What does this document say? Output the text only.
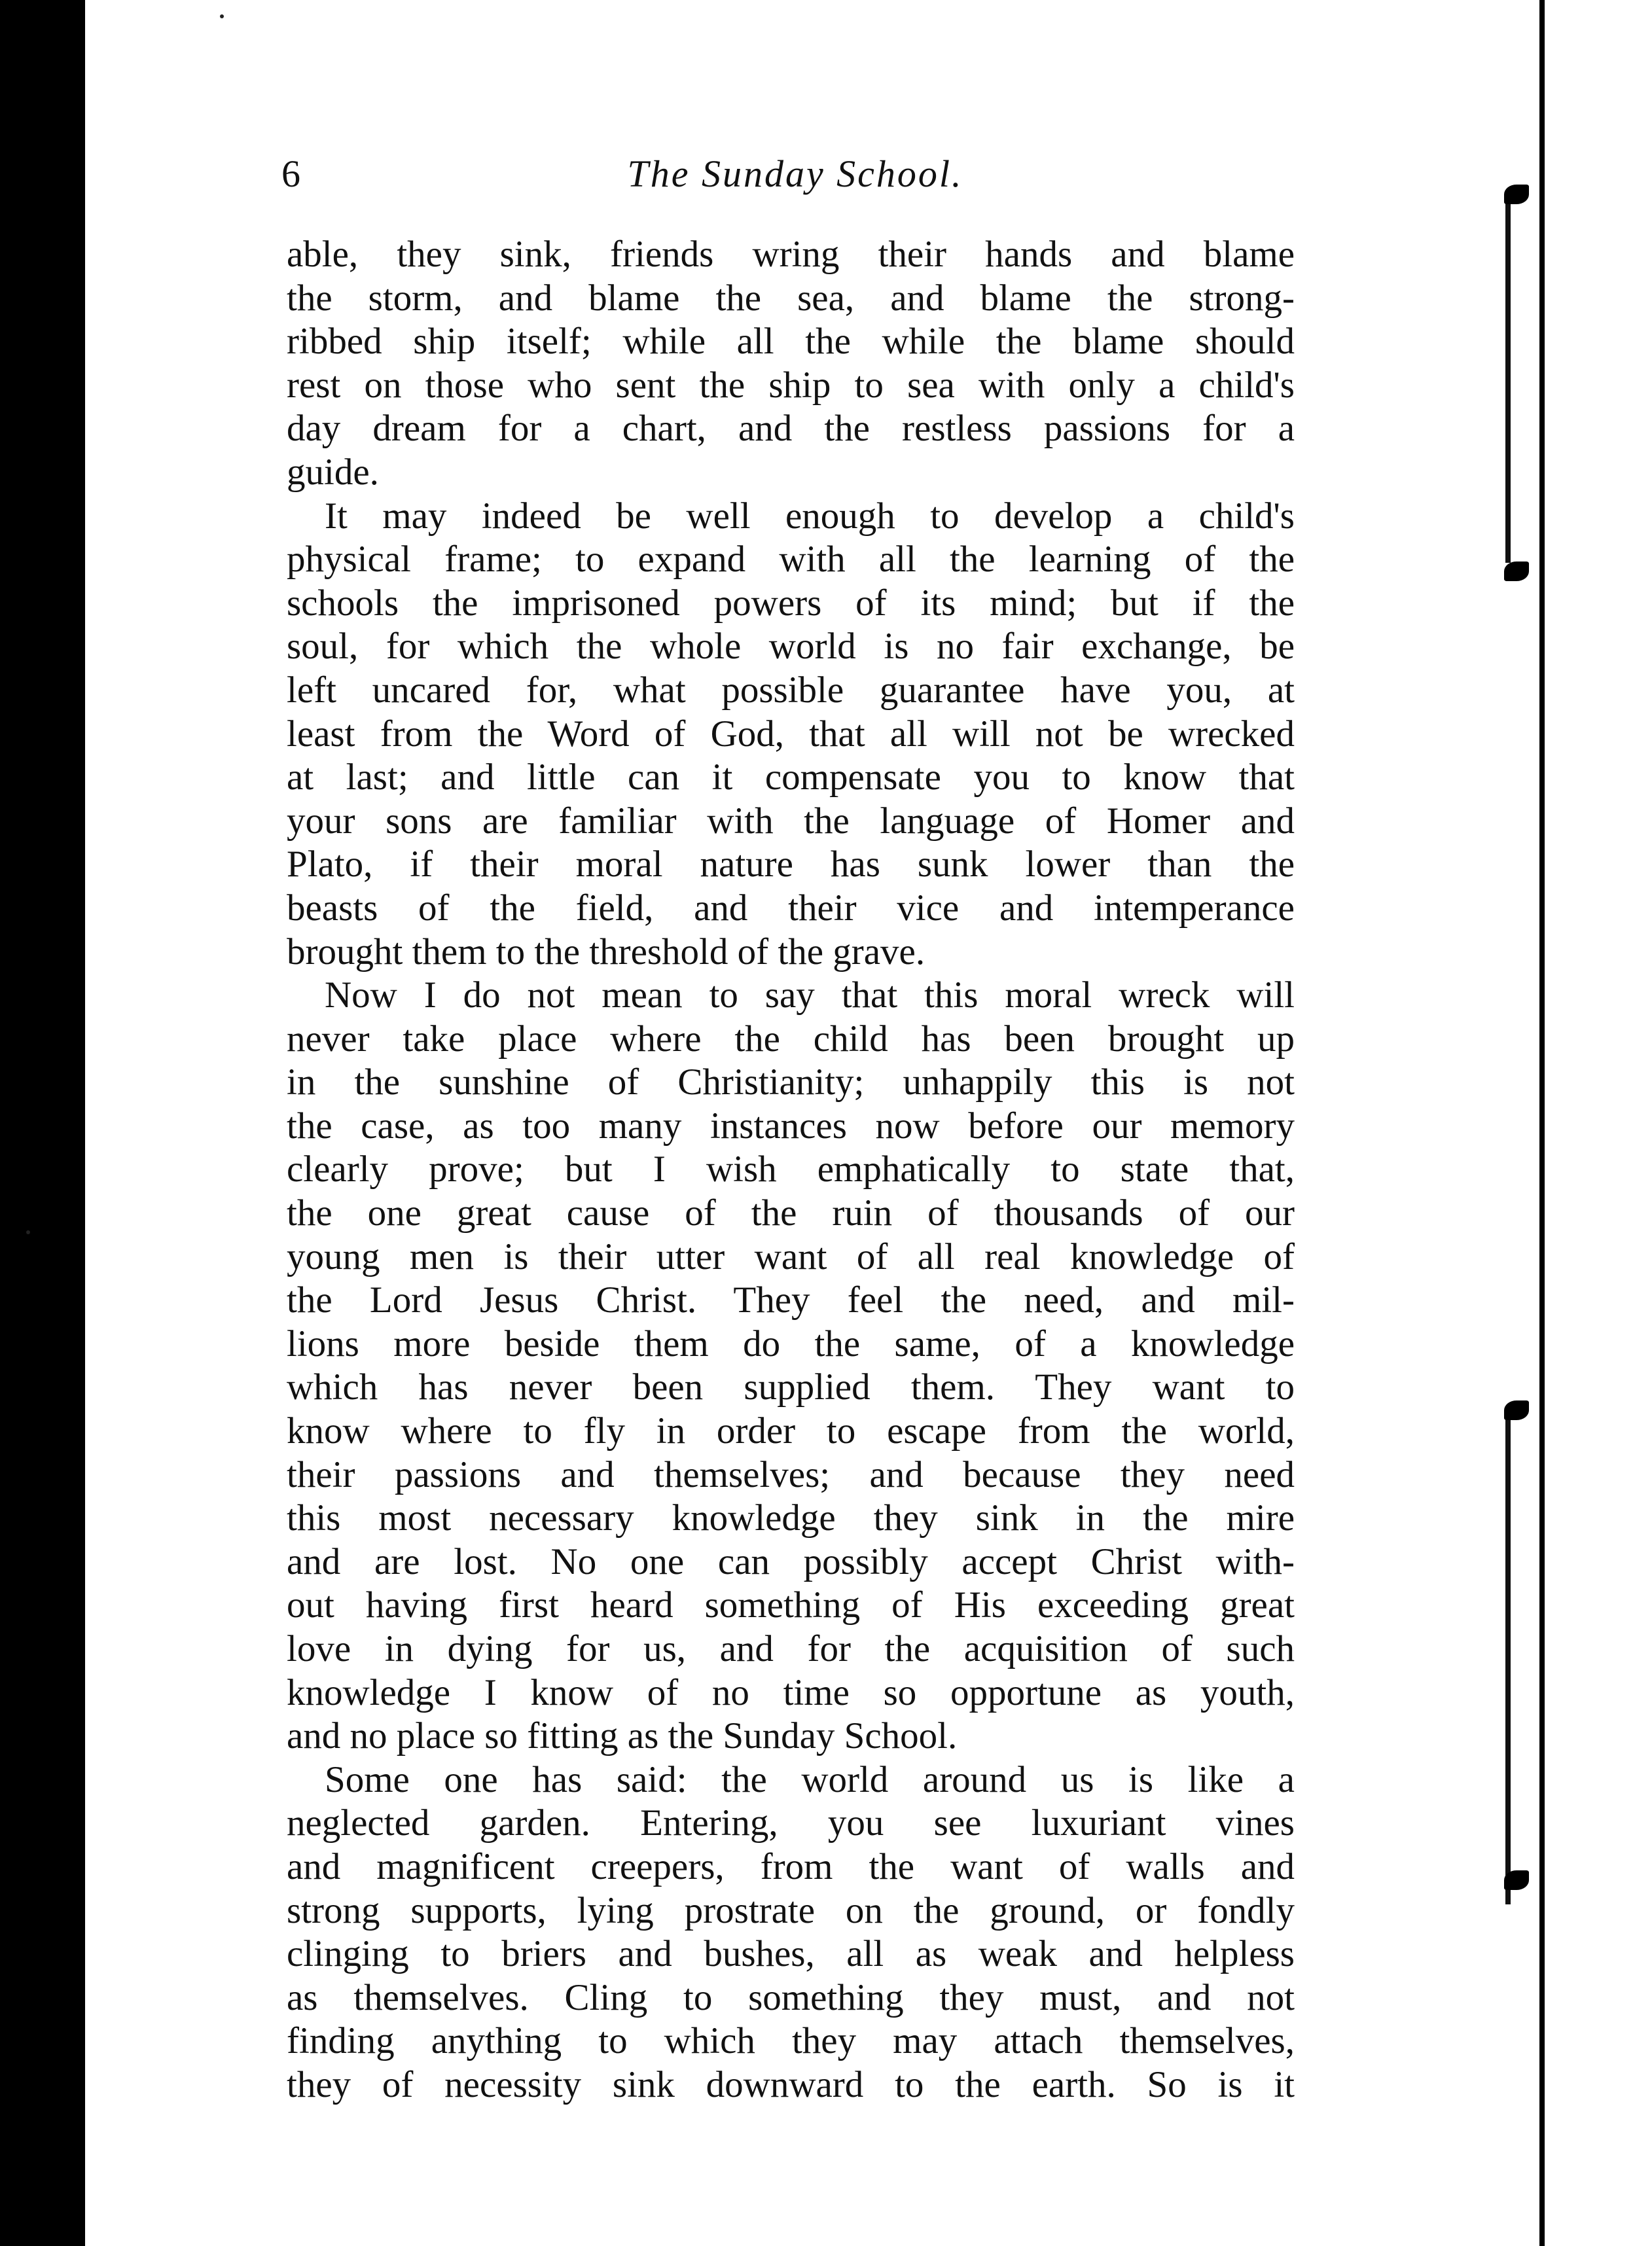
6	The Sunday School.
able, they sink, friends wring their hands and blame
the storm, and blame the sea, and blame the strong-
ribbed ship itself; while all the while the blame should
rest on those who sent the ship to sea with only a child's
day dream for a chart, and the restless passions for a
guide.
It may indeed be well enough to develop a child's
physical frame; to expand with all the learning of the
schools the imprisoned powers of its mind; but if the
soul, for which the whole world is no fair exchange, be
left uncared for, what possible guarantee have you, at
least from the Word of God, that all will not be wrecked
at last; and little can it compensate you to know that
your sons are familiar with the language of Homer and
Plato, if their moral nature has sunk lower than the
beasts of the field, and their vice and intemperance
brought them to the threshold of the grave.
Now I do not mean to say that this moral wreck will
never take place where the child has been brought up
in the sunshine of Christianity; unhappily this is not
the case, as too many instances now before our memory
clearly prove; but I wish emphatically to state that,
the one great cause of the ruin of thousands of our
young men is their utter want of all real knowledge of
the Lord Jesus Christ. They feel the need, and mil-
lions more beside them do the same, of a knowledge
which has never been supplied them. They want to
know where to fly in order to escape from the world,
their passions and themselves; and because they need
this most necessary knowledge they sink in the mire
and are lost. No one can possibly accept Christ with-
out having first heard something of His exceeding great
love in dying for us, and for the acquisition of such
knowledge I know of no time so opportune as youth,
and no place so fitting as the Sunday School.
Some one has said: the world around us is like a
neglected garden. Entering, you see luxuriant vines
and magnificent creepers, from the want of walls and
strong supports, lying prostrate on the ground, or fondly
clinging to briers and bushes, all as weak and helpless
as themselves. Cling to something they must, and not
finding anything to which they may attach themselves,
they of necessity sink downward to the earth. So is it
